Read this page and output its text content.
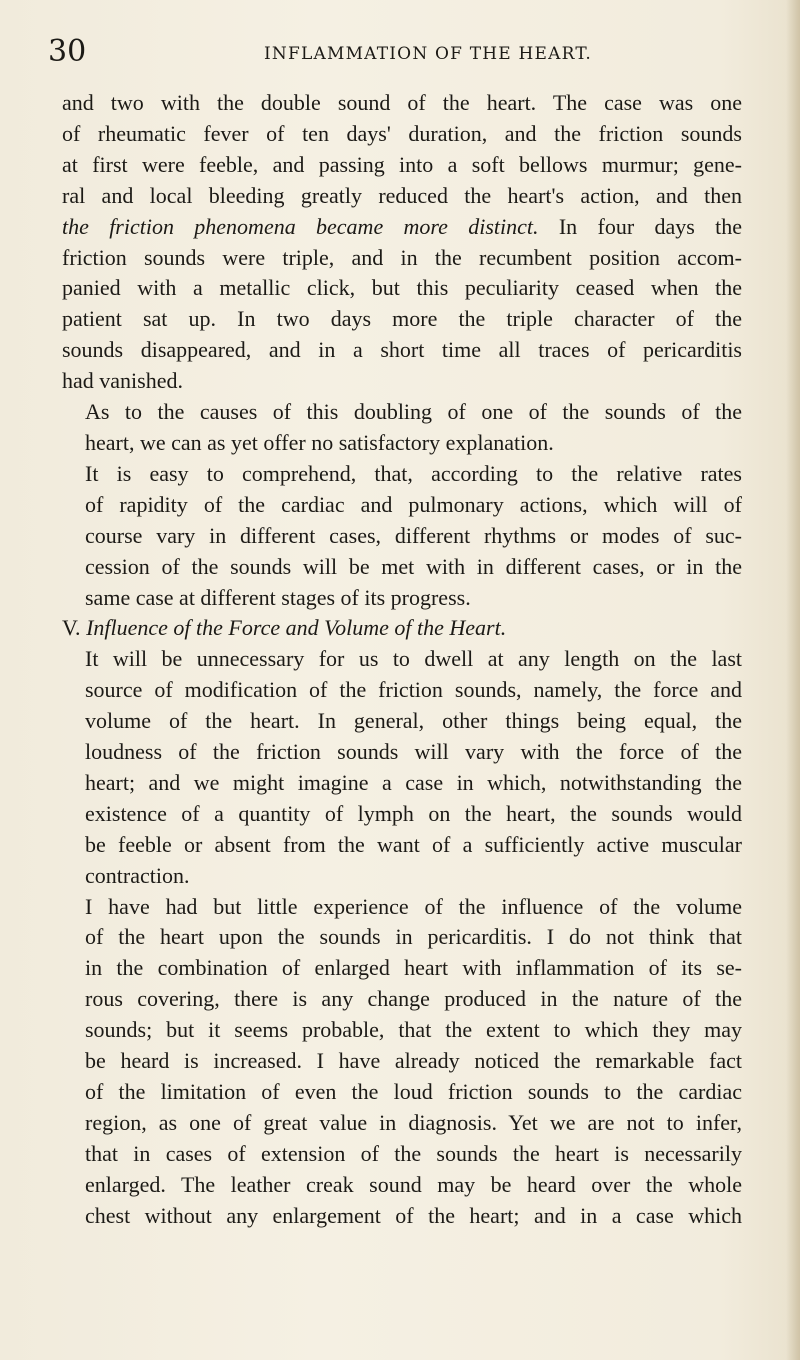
30	INFLAMMATION OF THE HEART.

and two with the double sound of the heart. The case was one
of rheumatic fever of ten days' duration, and the friction sounds
at first were feeble, and passing into a soft bellows murmur; gene-
ral and local bleeding greatly reduced the heart's action, and then
the friction phenomena became more distinct. In four days the
friction sounds were triple, and in the recumbent position accom-
panied with a metallic click, but this peculiarity ceased when the
patient sat up. In two days more the triple character of the
sounds disappeared, and in a short time all traces of pericarditis
had vanished.

As to the causes of this doubling of one of the sounds of the
heart, we can as yet offer no satisfactory explanation.

It is easy to comprehend, that, according to the relative rates
of rapidity of the cardiac and pulmonary actions, which will of
course vary in different cases, different rhythms or modes of suc-
cession of the sounds will be met with in different cases, or in the
same case at different stages of its progress.

V. Influence of the Force and Volume of the Heart.

It will be unnecessary for us to dwell at any length on the last
source of modification of the friction sounds, namely, the force and
volume of the heart. In general, other things being equal, the
loudness of the friction sounds will vary with the force of the
heart; and we might imagine a case in which, notwithstanding the
existence of a quantity of lymph on the heart, the sounds would
be feeble or absent from the want of a sufficiently active muscular
contraction.

I have had but little experience of the influence of the volume
of the heart upon the sounds in pericarditis. I do not think that
in the combination of enlarged heart with inflammation of its se-
rous covering, there is any change produced in the nature of the
sounds; but it seems probable, that the extent to which they may
be heard is increased. I have already noticed the remarkable fact
of the limitation of even the loud friction sounds to the cardiac
region, as one of great value in diagnosis. Yet we are not to infer,
that in cases of extension of the sounds the heart is necessarily
enlarged. The leather creak sound may be heard over the whole
chest without any enlargement of the heart; and in a case which
